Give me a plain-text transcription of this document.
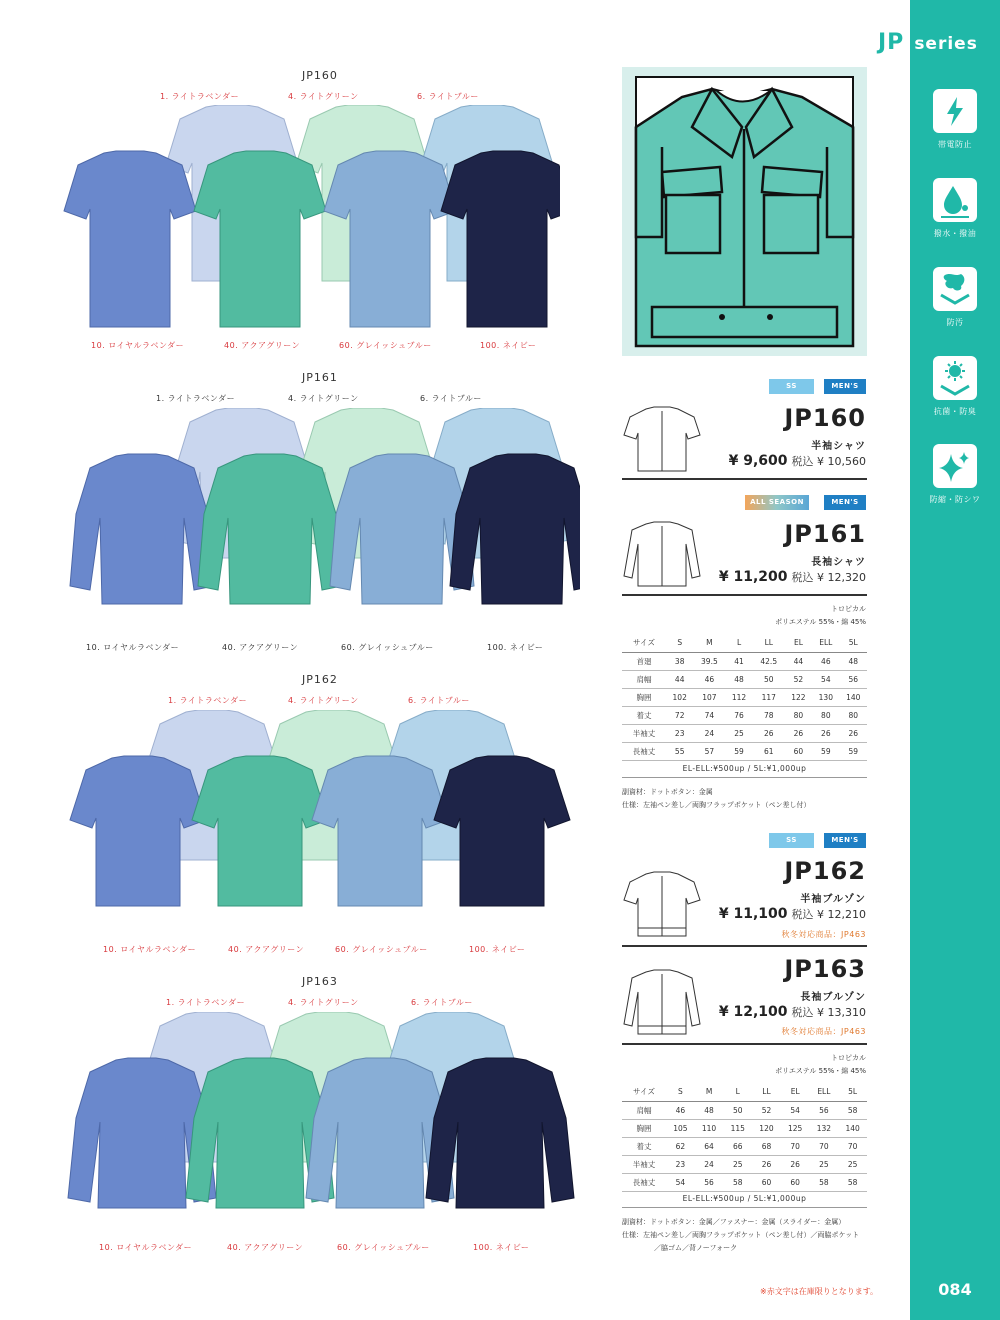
JP series
帯電防止
撥水・撥油
防汚
抗菌・防臭
防縮・防シワ
084
※赤文字は在庫限りとなります。
JP160
1. ライトラベンダー	4. ライトグリーン	6. ライトブルー
10. ロイヤルラベンダー	40. アクアグリーン	60. グレイッシュブルー	100. ネイビー
JP161
1. ライトラベンダー	4. ライトグリーン	6. ライトブルー
10. ロイヤルラベンダー	40. アクアグリーン	60. グレイッシュブルー	100. ネイビー
JP162
1. ライトラベンダー	4. ライトグリーン	6. ライトブルー
10. ロイヤルラベンダー	40. アクアグリーン	60. グレイッシュブルー	100. ネイビー
JP163
1. ライトラベンダー	4. ライトグリーン	6. ライトブルー
10. ロイヤルラベンダー	40. アクアグリーン	60. グレイッシュブルー	100. ネイビー
SS	MEN'S
JP160
半袖シャツ
¥ 9,600 税込 ¥ 10,560
ALL SEASON	MEN'S
JP161
長袖シャツ
¥ 11,200 税込 ¥ 12,320
トロピカル
ポリエステル 55%・綿 45%
サイズ	S	M	L	LL	EL	ELL	5L
首廻	38	39.5	41	42.5	44	46	48
肩幅	44	46	48	50	52	54	56
胸囲	102	107	112	117	122	130	140
着丈	72	74	76	78	80	80	80
半袖丈	23	24	25	26	26	26	26
長袖丈	55	57	59	61	60	59	59
EL-ELL:¥500up / 5L:¥1,000up
副資材：ドットボタン：金属
仕様：左袖ペン差し／両胸フラップポケット（ペン差し付）
SS	MEN'S
JP162
半袖ブルゾン
¥ 11,100 税込 ¥ 12,210
秋冬対応商品：JP463
JP163
長袖ブルゾン
¥ 12,100 税込 ¥ 13,310
秋冬対応商品：JP463
トロピカル
ポリエステル 55%・綿 45%
サイズ	S	M	L	LL	EL	ELL	5L
肩幅	46	48	50	52	54	56	58
胸囲	105	110	115	120	125	132	140
着丈	62	64	66	68	70	70	70
半袖丈	23	24	25	26	26	25	25
長袖丈	54	56	58	60	60	58	58
EL-ELL:¥500up / 5L:¥1,000up
副資材：ドットボタン：金属／ファスナー：金属（スライダー：金属）
仕様：左袖ペン差し／両胸フラップポケット（ペン差し付）／両脇ポケット
／脇ゴム／背ノーフォーク
